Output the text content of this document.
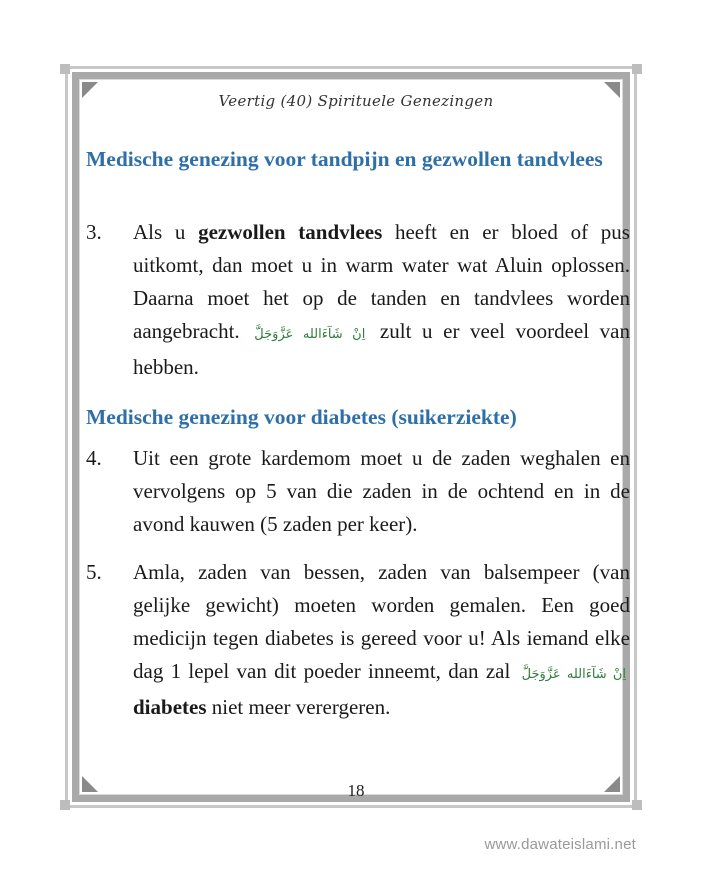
Veertig (40) Spirituele Genezingen
Medische genezing voor tandpijn en gezwollen tandvlees
3.	Als u gezwollen tandvlees heeft en er bloed of pus uitkomt, dan moet u in warm water wat Aluin oplossen. Daarna moet het op de tanden en tandvlees worden aangebracht. اِنْ شَآءَالله عَزَّوَجَلَّ zult u er veel voordeel van hebben.
Medische genezing voor diabetes (suikerziekte)
4.	Uit een grote kardemom moet u de zaden weghalen en vervolgens op 5 van die zaden in de ochtend en in de avond kauwen (5 zaden per keer).
5.	Amla, zaden van bessen, zaden van balsempeer (van gelijke gewicht) moeten worden gemalen. Een goed medicijn tegen diabetes is gereed voor u! Als iemand elke dag 1 lepel van dit poeder inneemt, dan zal اِنْ شَآءَالله عَزَّوَجَلَّ diabetes niet meer verergeren.
18
www.dawateislami.net
